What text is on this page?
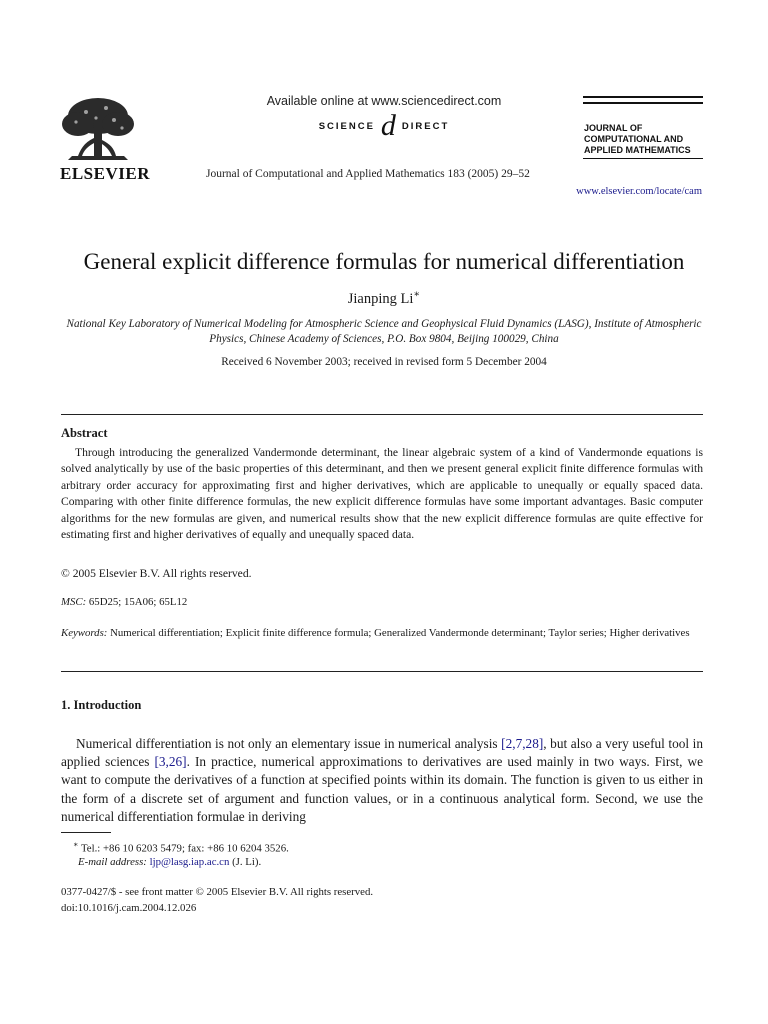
ELSEVIER
Available online at www.sciencedirect.com
SCIENCE d DIRECT
Journal of Computational and Applied Mathematics 183 (2005) 29–52
JOURNAL OF
COMPUTATIONAL AND
APPLIED MATHEMATICS
www.elsevier.com/locate/cam
General explicit difference formulas for numerical differentiation
Jianping Li∗
National Key Laboratory of Numerical Modeling for Atmospheric Science and Geophysical Fluid Dynamics (LASG), Institute of Atmospheric Physics, Chinese Academy of Sciences, P.O. Box 9804, Beijing 100029, China
Received 6 November 2003; received in revised form 5 December 2004
Abstract
Through introducing the generalized Vandermonde determinant, the linear algebraic system of a kind of Vandermonde equations is solved analytically by use of the basic properties of this determinant, and then we present general explicit finite difference formulas with arbitrary order accuracy for approximating first and higher derivatives, which are applicable to unequally or equally spaced data. Comparing with other finite difference formulas, the new explicit difference formulas have some important advantages. Basic computer algorithms for the new formulas are given, and numerical results show that the new explicit difference formulas are quite effective for estimating first and higher derivatives of equally and unequally spaced data.
© 2005 Elsevier B.V. All rights reserved.
MSC: 65D25; 15A06; 65L12
Keywords: Numerical differentiation; Explicit finite difference formula; Generalized Vandermonde determinant; Taylor series; Higher derivatives
1. Introduction
Numerical differentiation is not only an elementary issue in numerical analysis [2,7,28], but also a very useful tool in applied sciences [3,26]. In practice, numerical approximations to derivatives are used mainly in two ways. First, we want to compute the derivatives of a function at specified points within its domain. The function is given to us either in the form of a discrete set of argument and function values, or in a continuous analytical form. Second, we use the numerical differentiation formulae in deriving
∗ Tel.: +86 10 6203 5479; fax: +86 10 6204 3526.
E-mail address: ljp@lasg.iap.ac.cn (J. Li).
0377-0427/$ - see front matter © 2005 Elsevier B.V. All rights reserved.
doi:10.1016/j.cam.2004.12.026
